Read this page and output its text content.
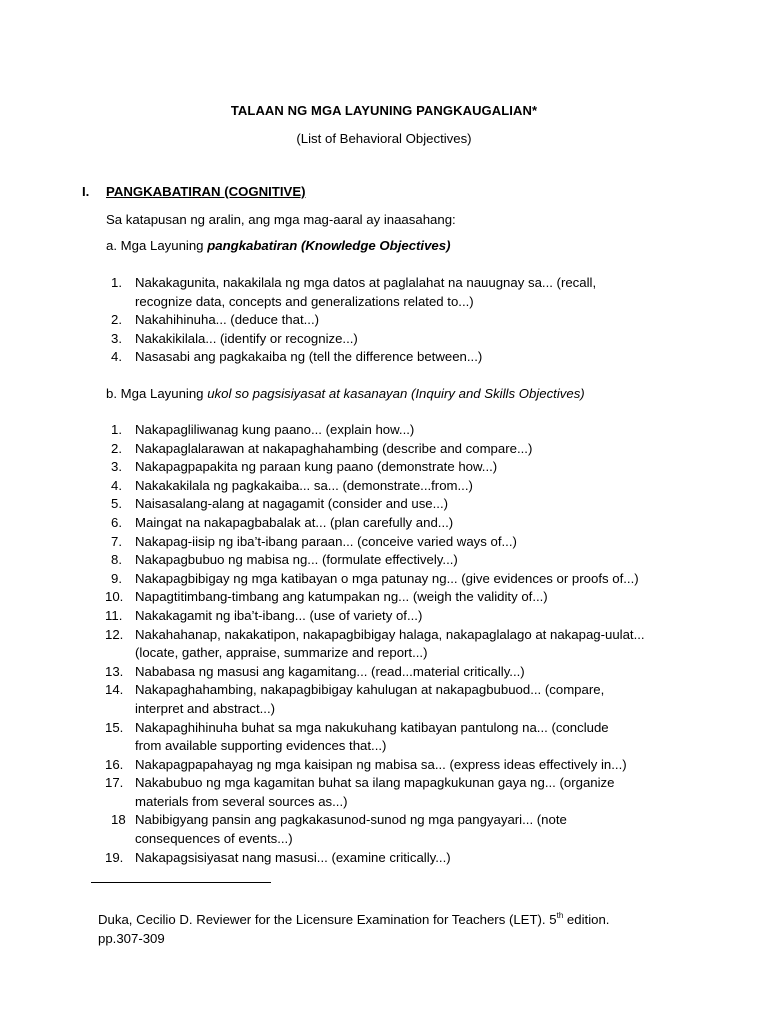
TALAAN NG MGA LAYUNING PANGKAUGALIAN*
(List of Behavioral Objectives)
I. PANGKABATIRAN (COGNITIVE)
Sa katapusan ng aralin, ang mga mag-aaral ay inaasahang:
a. Mga Layuning pangkabatiran (Knowledge Objectives)
1. Nakakagunita, nakakilala ng mga datos at paglalahat na nauugnay sa... (recall,
recognize data, concepts and generalizations related to...)
2. Nakahihinuha... (deduce that...)
3. Nakakikilala... (identify or recognize...)
4. Nasasabi ang pagkakaiba ng (tell the difference between...)
b. Mga Layuning ukol so pagsisiyasat at kasanayan (Inquiry and Skills Objectives)
1. Nakapagliliwanag kung paano... (explain how...)
2. Nakapaglalarawan at nakapaghahambing (describe and compare...)
3. Nakapagpapakita ng paraan kung paano (demonstrate how...)
4. Nakakakilala ng pagkakaiba... sa... (demonstrate...from...)
5. Naisasalang-alang at nagagamit (consider and use...)
6. Maingat na nakapagbabalak at... (plan carefully and...)
7. Nakapag-iisip ng iba’t-ibang paraan... (conceive varied ways of...)
8. Nakapagbubuo ng mabisa ng... (formulate effectively...)
9. Nakapagbibigay ng mga katibayan o mga patunay ng... (give evidences or proofs of...)
10. Napagtitimbang-timbang ang katumpakan ng... (weigh the validity of...)
11. Nakakagamit ng iba’t-ibang... (use of variety of...)
12. Nakahahanap, nakakatipon, nakapagbibigay halaga, nakapaglalago at nakapag-uulat...
(locate, gather, appraise, summarize and report...)
13. Nababasa ng masusi ang kagamitang... (read...material critically...)
14. Nakapaghahambing, nakapagbibigay kahulugan at nakapagbubuod... (compare,
interpret and abstract...)
15. Nakapaghihinuha buhat sa mga nakukuhang katibayan pantulong na... (conclude
from available supporting evidences that...)
16. Nakapagpapahayag ng mga kaisipan ng mabisa sa... (express ideas effectively in...)
17. Nakabubuo ng mga kagamitan buhat sa ilang mapagkukunan gaya ng... (organize
materials from several sources as...)
18 Nabibigyang pansin ang pagkakasunod-sunod ng mga pangyayari... (note
consequences of events...)
19. Nakapagsisiyasat nang masusi... (examine critically...)
Duka, Cecilio D. Reviewer for the Licensure Examination for Teachers (LET). 5th edition.
pp.307-309
